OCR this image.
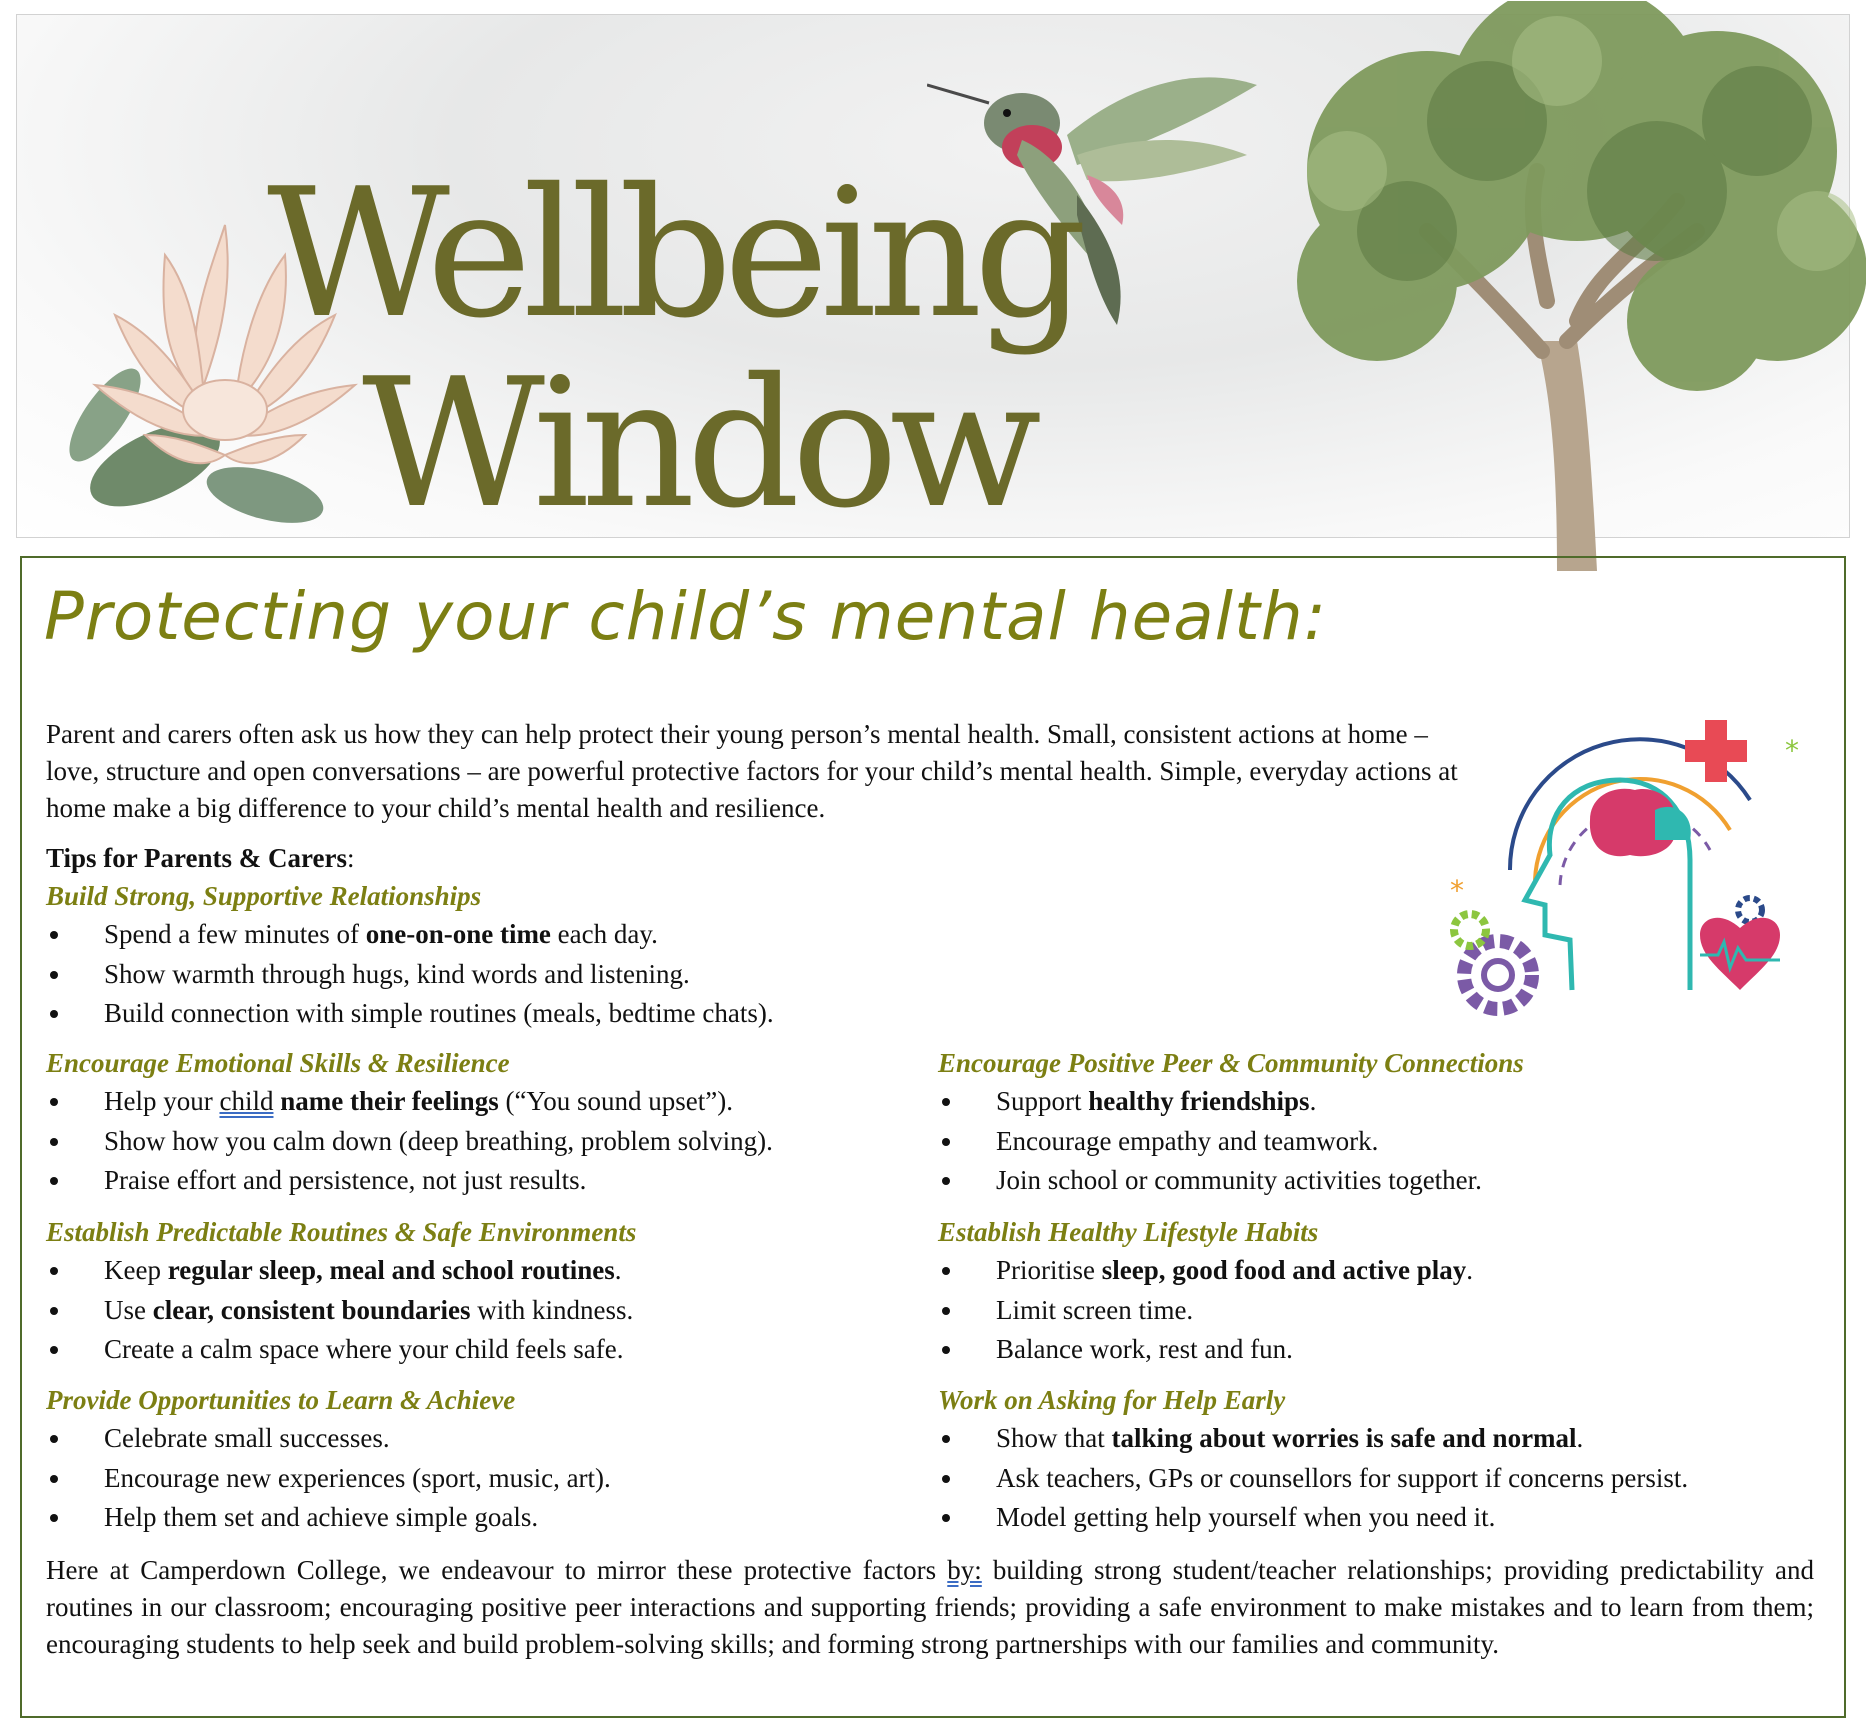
Wellbeing
Window
Protecting your child’s mental health:
*
*
Parent and carers often ask us how they can help protect their young person’s mental health. Small, consistent actions at home – love, structure and open conversations – are powerful protective factors for your child’s mental health. Simple, everyday actions at home make a big difference to your child’s mental health and resilience.
Tips for Parents & Carers:

Build Strong, Supportive Relationships

Spend a few minutes of one-on-one time each day.
Show warmth through hugs, kind words and listening.
Build connection with simple routines (meals, bedtime chats).

Encourage Emotional Skills & Resilience

Help your child name their feelings (“You sound upset”).
Show how you calm down (deep breathing, problem solving).
Praise effort and persistence, not just results.

Establish Predictable Routines & Safe Environments

Keep regular sleep, meal and school routines.
Use clear, consistent boundaries with kindness.
Create a calm space where your child feels safe.

Provide Opportunities to Learn & Achieve

Celebrate small successes.
Encourage new experiences (sport, music, art).
Help them set and achieve simple goals.

Encourage Positive Peer & Community Connections

Support healthy friendships.
Encourage empathy and teamwork.
Join school or community activities together.

Establish Healthy Lifestyle Habits

Prioritise sleep, good food and active play.
Limit screen time.
Balance work, rest and fun.

Work on Asking for Help Early

Show that talking about worries is safe and normal.
Ask teachers, GPs or counsellors for support if concerns persist.
Model getting help yourself when you need it.
Here at Camperdown College, we endeavour to mirror these protective factors by: building strong student/teacher relationships; providing predictability and routines in our classroom; encouraging positive peer interactions and supporting friends; providing a safe environment to make mistakes and to learn from them; encouraging students to help seek and build problem-solving skills; and forming strong partnerships with our families and community.
